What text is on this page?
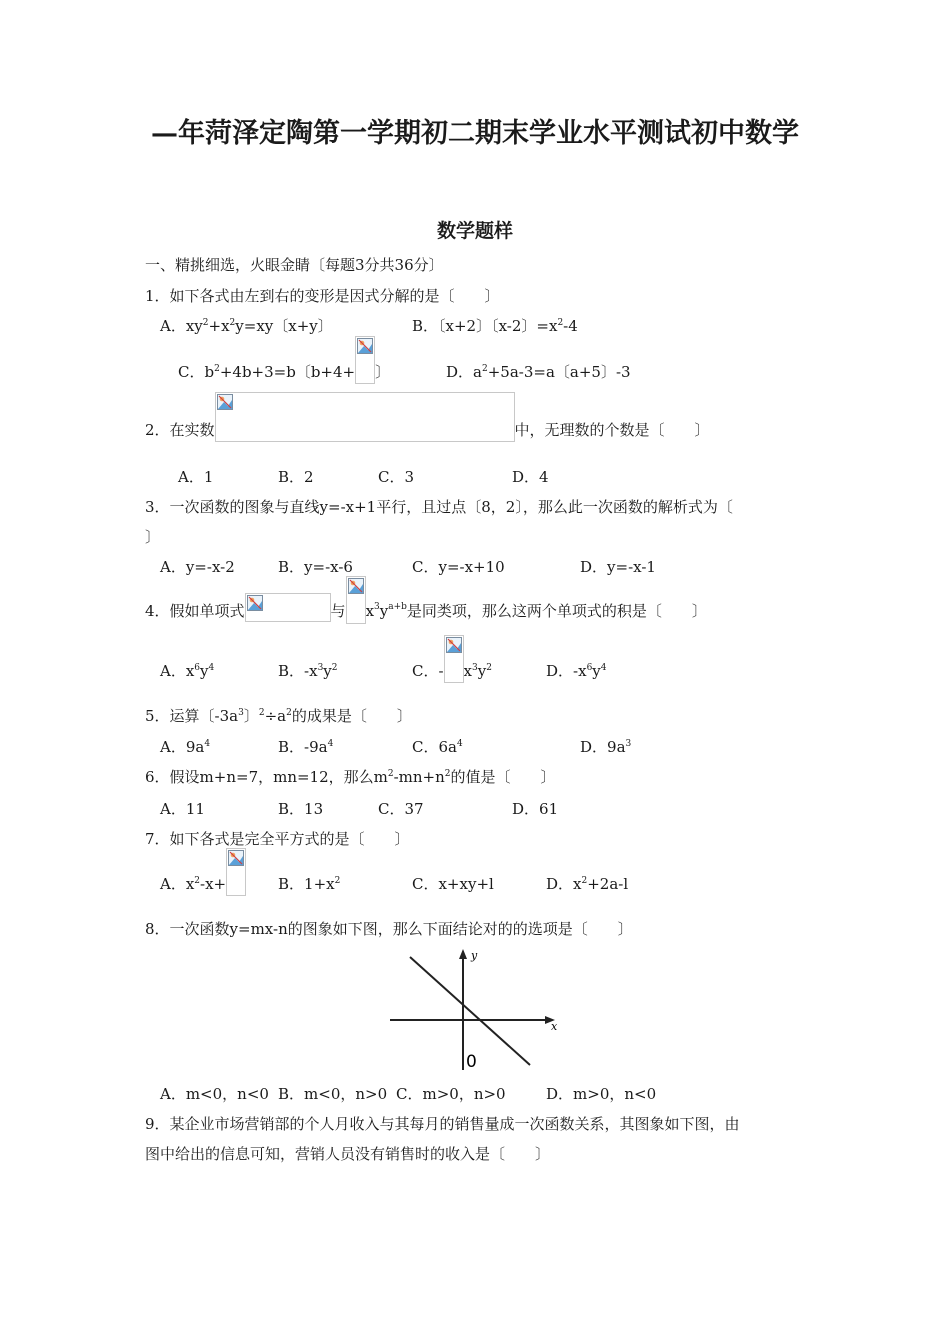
—年菏泽定陶第一学期初二期末学业水平测试初中数学
数学题样
一、精挑细选，火眼金睛〔每题3分共36分〕
1．如下各式由左到右的变形是因式分解的是〔　　〕
A．$xy^2+x^2y=xy$〔x+y〕	B．〔x+2〕〔x-2〕$=x^2-4$
C．$b^2+4b+3=b$〔b+4+ 〕	D．$a^2+5a-3=a$〔a+5〕-3
2．在实数	中，无理数的个数是〔　　〕
A．1	B．2	C．3	D．4
3．一次函数的图象与直线y=-x+1平行，且过点〔8，2〕，那么此一次函数的解析式为〔
〕
A．y=-x-2	B．y=-x-6	C．y=-x+10	D．y=-x-1
4．假如单项式	与 $x^3y^{a+b}$是同类项，那么这两个单项式的积是〔　　〕
A．$x^6y^4$	B．$-x^3y^2$	C．- $x^3y^2$	D．$-x^6y^4$
5．运算〔$-3a^3$〕$^2\div a^2$的成果是〔　　〕
A．$9a^4$	B．$-9a^4$	C．$6a^4$	D．$9a^3$
6．假设m+n=7，mn=12，那么$m^2-mn+n^2$的值是〔　　〕
A．11	B．13	C．37	D．61
7．如下各式是完全平方式的是〔　　〕
A．$x^2-x+$	B．$1+x^2$	C．x+xy+l	D．$x^2+2a-l$
8．一次函数y=mx-n的图象如下图，那么下面结论对的的选项是〔　　〕
x
y
0
A．m<0，n<0 B．m<0，n>0 C．m>0，n>0	D．m>0，n<0
9．某企业市场营销部的个人月收入与其每月的销售量成一次函数关系，其图象如下图，由
图中给出的信息可知，营销人员没有销售时的收入是〔　　〕
